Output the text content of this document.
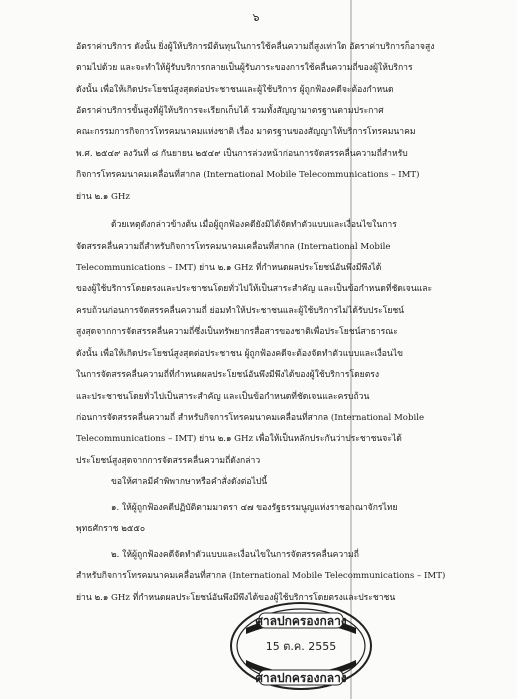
๖
อัตราค่าบริการ ดังนั้น ยิ่งผู้ให้บริการมีต้นทุนในการใช้คลื่นความถี่สูงเท่าใด อัตราค่าบริการก็อาจสูง
ตามไปด้วย และจะทำให้ผู้รับบริการกลายเป็นผู้รับภาระของการใช้คลื่นความถี่ของผู้ให้บริการ
ดังนั้น เพื่อให้เกิดประโยชน์สูงสุดต่อประชาชนและผู้ใช้บริการ ผู้ถูกฟ้องคดีจะต้องกำหนด
อัตราค่าบริการขั้นสูงที่ผู้ให้บริการจะเรียกเก็บได้ รวมทั้งสัญญามาตรฐานตามประกาศ
คณะกรรมการกิจการโทรคมนาคมแห่งชาติ เรื่อง มาตรฐานของสัญญาให้บริการโทรคมนาคม
พ.ศ. ๒๕๔๙ ลงวันที่ ๘ กันยายน ๒๕๔๙ เป็นการล่วงหน้าก่อนการจัดสรรคลื่นความถี่สำหรับ
กิจการโทรคมนาคมเคลื่อนที่สากล (International Mobile Telecommunications – IMT)
ย่าน ๒.๑ GHz
ด้วยเหตุดังกล่าวข้างต้น เมื่อผู้ถูกฟ้องคดียังมิได้จัดทำตัวแบบและเงื่อนไขในการ
จัดสรรคลื่นความถี่สำหรับกิจการโทรคมนาคมเคลื่อนที่สากล (International Mobile
Telecommunications – IMT) ย่าน ๒.๑ GHz ที่กำหนดผลประโยชน์อันพึงมีพึงได้
ของผู้ใช้บริการโดยตรงและประชาชนโดยทั่วไปให้เป็นสาระสำคัญ และเป็นข้อกำหนดที่ชัดเจนและ
ครบถ้วนก่อนการจัดสรรคลื่นความถี่ ย่อมทำให้ประชาชนและผู้ใช้บริการไม่ได้รับประโยชน์
สูงสุดจากการจัดสรรคลื่นความถี่ซึ่งเป็นทรัพยากรสื่อสารของชาติเพื่อประโยชน์สาธารณะ
ดังนั้น เพื่อให้เกิดประโยชน์สูงสุดต่อประชาชน ผู้ถูกฟ้องคดีจะต้องจัดทำตัวแบบและเงื่อนไข
ในการจัดสรรคลื่นความถี่ที่กำหนดผลประโยชน์อันพึงมีพึงได้ของผู้ใช้บริการโดยตรง
และประชาชนโดยทั่วไปเป็นสาระสำคัญ และเป็นข้อกำหนดที่ชัดเจนและครบถ้วน
ก่อนการจัดสรรคลื่นความถี่ สำหรับกิจการโทรคมนาคมเคลื่อนที่สากล (International Mobile
Telecommunications – IMT) ย่าน ๒.๑ GHz เพื่อให้เป็นหลักประกันว่าประชาชนจะได้
ประโยชน์สูงสุดจากการจัดสรรคลื่นความถี่ดังกล่าว
ขอให้ศาลมีคำพิพากษาหรือคำสั่งดังต่อไปนี้
๑. ให้ผู้ถูกฟ้องคดีปฏิบัติตามมาตรา ๔๗ ของรัฐธรรมนูญแห่งราชอาณาจักรไทย
พุทธศักราช ๒๕๕๐
๒. ให้ผู้ถูกฟ้องคดีจัดทำตัวแบบและเงื่อนไขในการจัดสรรคลื่นความถี่
สำหรับกิจการโทรคมนาคมเคลื่อนที่สากล (International Mobile Telecommunications – IMT)
ย่าน ๒.๑ GHz ที่กำหนดผลประโยชน์อันพึงมีพึงได้ของผู้ใช้บริการโดยตรงและประชาชน
ศาลปกครองกลาง
15 ต.ค. 2555
ศาลปกครองกลาง
